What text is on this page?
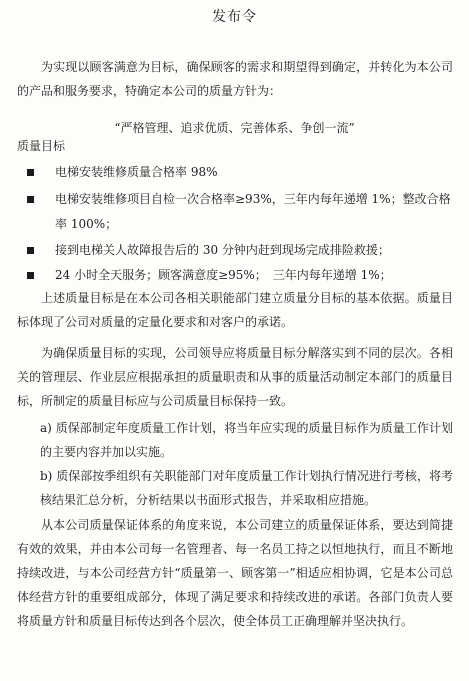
发布令

为实现以顾客满意为目标，确保顾客的需求和期望得到确定，并转化为本公司的产品和服务要求，特确定本公司的质量方针为：

“严格管理、追求优质、完善体系、争创一流”
质量目标
电梯安装维修质量合格率 98%
电梯安装维修项目自检一次合格率≥93%，三年内每年递增 1%；整改合格率 100%；
接到电梯关人故障报告后的 30 分钟内赶到现场完成排险救援；
24 小时全天服务；顾客满意度≥95%；　三年内每年递增 1%；

上述质量目标是在本公司各相关职能部门建立质量分目标的基本依据。质量目标体现了公司对质量的定量化要求和对客户的承诺。

为确保质量目标的实现，公司领导应将质量目标分解落实到不同的层次。各相关的管理层、作业层应根据承担的质量职责和从事的质量活动制定本部门的质量目标，所制定的质量目标应与公司质量目标保持一致。

a) 质保部制定年度质量工作计划，将当年应实现的质量目标作为质量工作计划的主要内容并加以实施。

b) 质保部按季组织有关职能部门对年度质量工作计划执行情况进行考核，将考核结果汇总分析，分析结果以书面形式报告，并采取相应措施。

从本公司质量保证体系的角度来说，本公司建立的质量保证体系，要达到简捷有效的效果，并由本公司每一名管理者、每一名员工持之以恒地执行，而且不断地持续改进，与本公司经营方针“质量第一、顾客第一”相适应相协调，它是本公司总体经营方针的重要组成部分，体现了满足要求和持续改进的承诺。各部门负责人要将质量方针和质量目标传达到各个层次，使全体员工正确理解并坚决执行。
